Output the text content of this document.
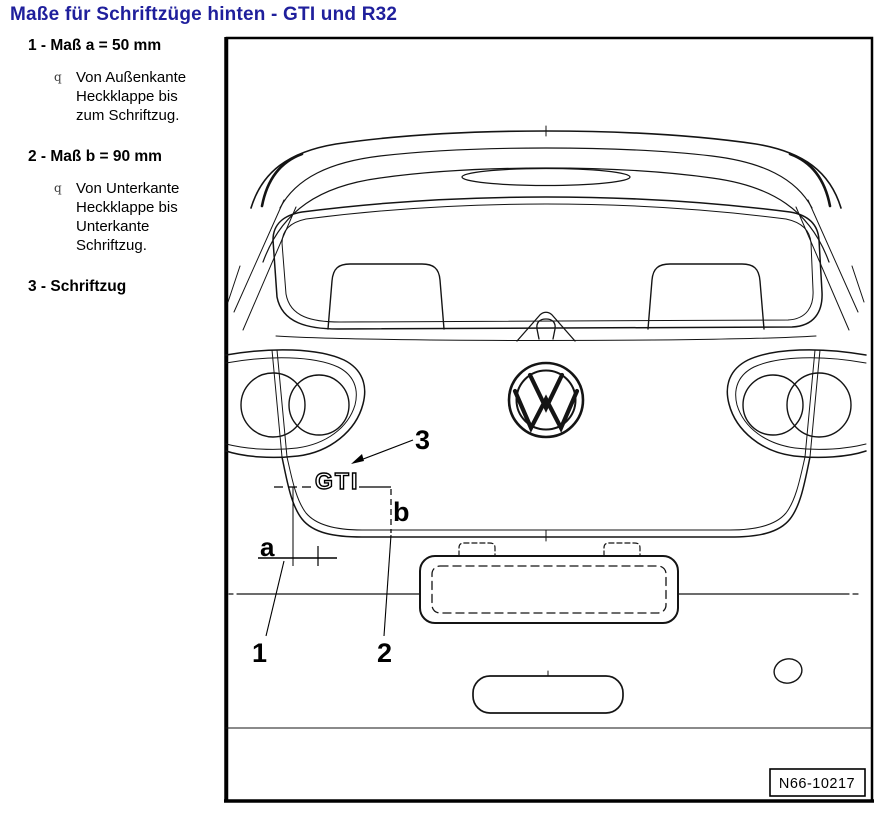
Maße für Schriftzüge hinten - GTI und R32
1 - Maß a = 50 mm
q Von Außenkante Heckklappe bis zum Schriftzug.
2 - Maß b = 90 mm
q Von Unterkante Heckklappe bis Unterkante Schriftzug.
3 - Schriftzug
GTI
3
b
a
1	2
N66-10217
